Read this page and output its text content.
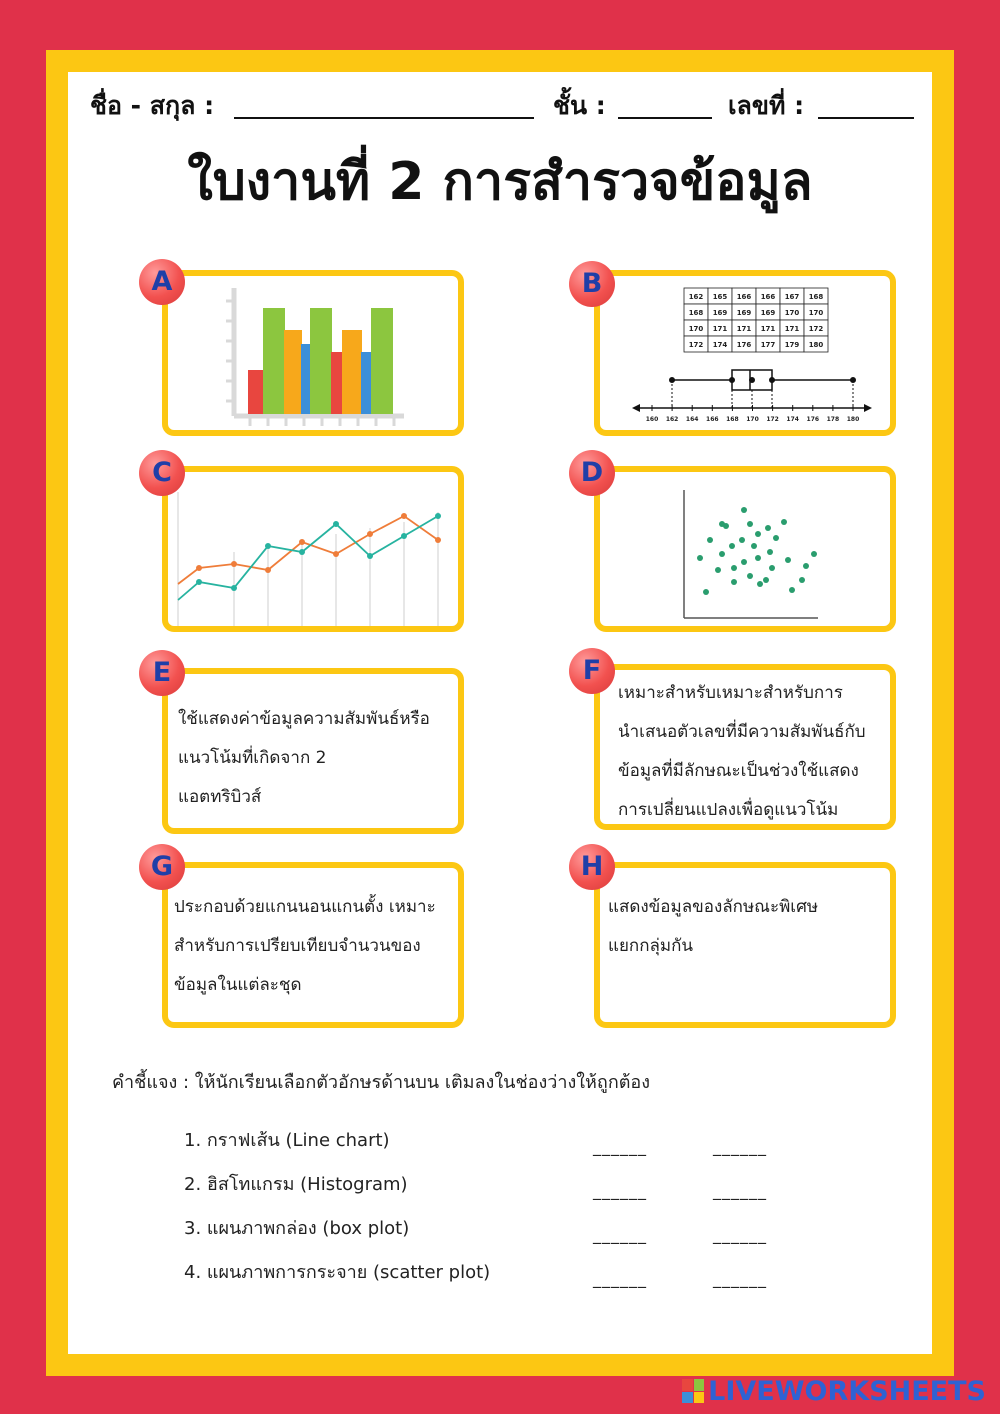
ชื่อ - สกุล :	ชั้น :	เลขที่ :
ใบงานที่ 2 การสำรวจข้อมูล
A	162 165 166 166 167 168
168 169 169 169 170 170
170 171 171 171 171 172
172 174 176 177 179 180
160 162 164 166 168 170 172 174 176 178 180
B
C	D
ใช้แสดงค่าข้อมูลความสัมพันธ์หรือ
แนวโน้มที่เกิดจาก 2
แอตทริบิวส์
E
เหมาะสำหรับเหมาะสำหรับการ
นำเสนอตัวเลขที่มีความสัมพันธ์กับ
ข้อมูลที่มีลักษณะเป็นช่วงใช้แสดง
การเปลี่ยนแปลงเพื่อดูแนวโน้ม
F
ประกอบด้วยแกนนอนแกนตั้ง เหมาะ
สำหรับการเปรียบเทียบจำนวนของ
ข้อมูลในแต่ละชุด
G
แสดงข้อมูลของลักษณะพิเศษ
แยกกลุ่มกัน
H
คำชี้แจง : ให้นักเรียนเลือกตัวอักษรด้านบน เติมลงในช่องว่างให้ถูกต้อง
1. กราฟเส้น (Line chart)	______	______
2. ฮิสโทแกรม (Histogram)	______	______
3. แผนภาพกล่อง (box plot)	______	______
4. แผนภาพการกระจาย (scatter plot)	______	______
LIVEWORKSHEETS
